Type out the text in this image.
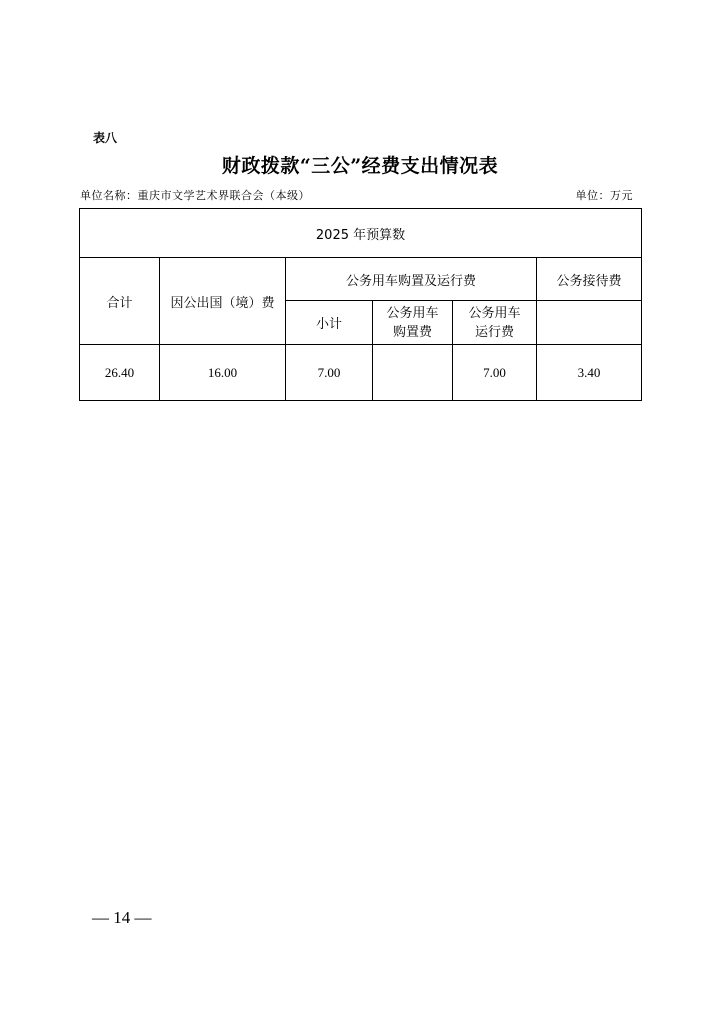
表八
财政拨款“三公”经费支出情况表
单位名称：重庆市文学艺术界联合会（本级）	单位：万元
2025 年预算数					
合计	因公出国（境）费	公务用车购置及运行费			公务接待费
		小计	公务用车购置费	公务用车运行费	

26.40	16.00	7.00		7.00	3.40
— 14 —
